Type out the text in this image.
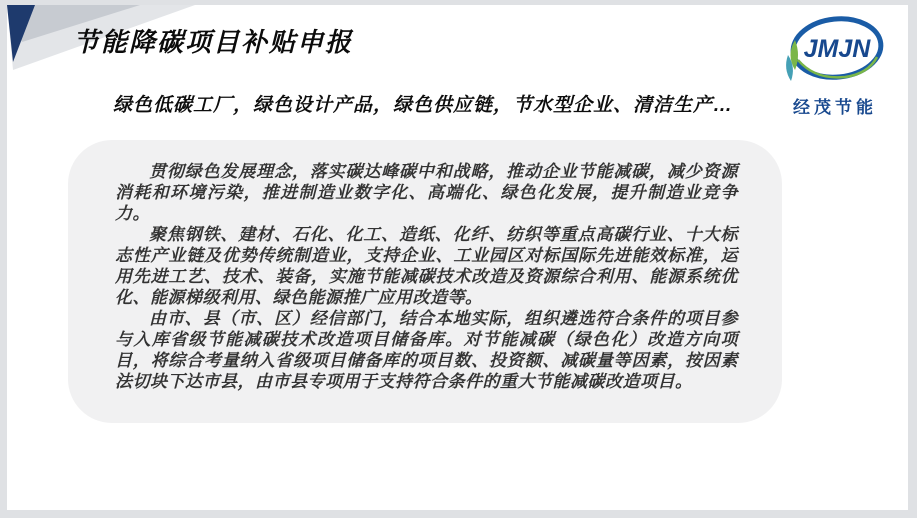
节能降碳项目补贴申报	JMJN
经茂节能
绿色低碳工厂，绿色设计产品，绿色供应链，节水型企业、清洁生产…

贯彻绿色发展理念，落实碳达峰碳中和战略，推动企业节能减碳，减少资源消耗和环境污染，推进制造业数字化、高端化、绿色化发展，提升制造业竞争力。

聚焦钢铁、建材、石化、化工、造纸、化纤、纺织等重点高碳行业、十大标志性产业链及优势传统制造业，支持企业、工业园区对标国际先进能效标准，运用先进工艺、技术、装备，实施节能减碳技术改造及资源综合利用、能源系统优化、能源梯级利用、绿色能源推广应用改造等。

由市、县（市、区）经信部门，结合本地实际，组织遴选符合条件的项目参与入库省级节能减碳技术改造项目储备库。对节能减碳（绿色化）改造方向项目，将综合考量纳入省级项目储备库的项目数、投资额、减碳量等因素，按因素法切块下达市县，由市县专项用于支持符合条件的重大节能减碳改造项目。
